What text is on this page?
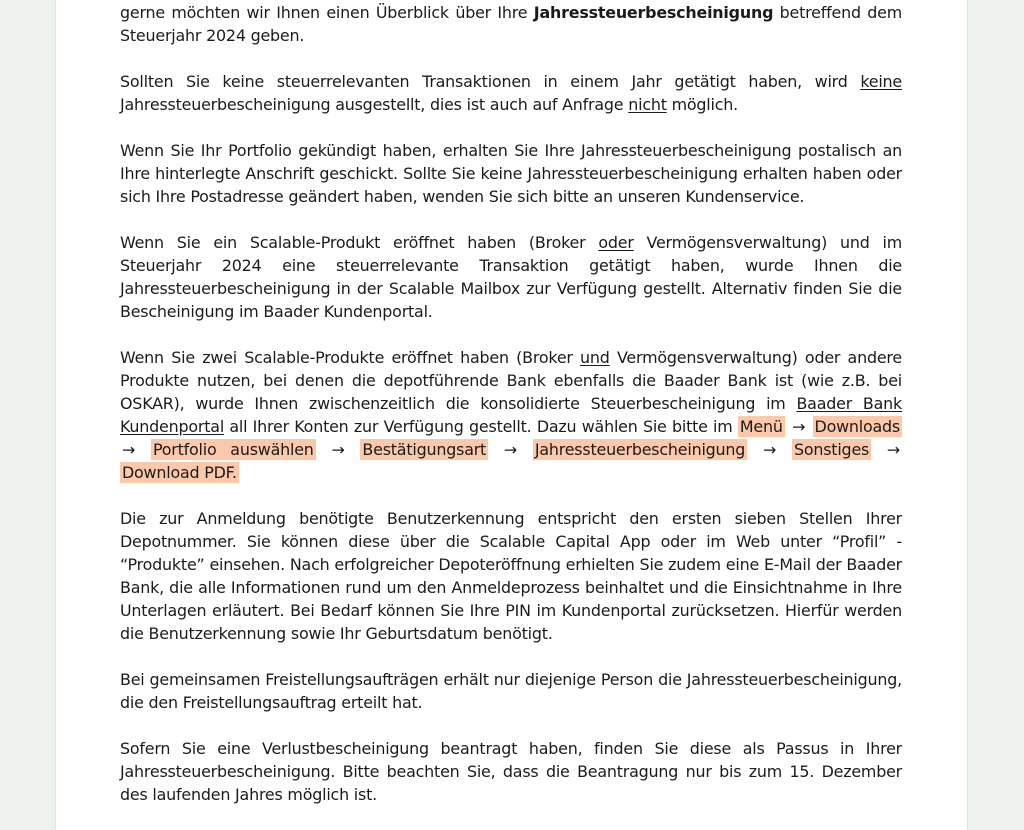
gerne möchten wir Ihnen einen Überblick über Ihre Jahressteuerbescheinigung betreffend dem Steuerjahr 2024 geben.

Sollten Sie keine steuerrelevanten Transaktionen in einem Jahr getätigt haben, wird keine Jahressteuerbescheinigung ausgestellt, dies ist auch auf Anfrage nicht möglich.

Wenn Sie Ihr Portfolio gekündigt haben, erhalten Sie Ihre Jahressteuerbescheinigung postalisch an Ihre hinterlegte Anschrift geschickt. Sollte Sie keine Jahressteuerbescheinigung erhalten haben oder sich Ihre Postadresse geändert haben, wenden Sie sich bitte an unseren Kundenservice.

Wenn Sie ein Scalable-Produkt eröffnet haben (Broker oder Vermögensverwaltung) und im Steuerjahr 2024 eine steuerrelevante Transaktion getätigt haben, wurde Ihnen die Jahressteuerbescheinigung in der Scalable Mailbox zur Verfügung gestellt. Alternativ finden Sie die Bescheinigung im Baader Kundenportal.

Wenn Sie zwei Scalable-Produkte eröffnet haben (Broker und Vermögensverwaltung) oder andere Produkte nutzen, bei denen die depotführende Bank ebenfalls die Baader Bank ist (wie z.B. bei OSKAR), wurde Ihnen zwischenzeitlich die konsolidierte Steuerbescheinigung im Baader Bank Kundenportal all Ihrer Konten zur Verfügung gestellt. Dazu wählen Sie bitte im Menü → Downloads → Portfolio auswählen → Bestätigungsart → Jahressteuerbescheinigung → Sonstiges → Download PDF.

Die zur Anmeldung benötigte Benutzerkennung entspricht den ersten sieben Stellen Ihrer Depotnummer. Sie können diese über die Scalable Capital App oder im Web unter “Profil” - “Produkte” einsehen. Nach erfolgreicher Depoteröffnung erhielten Sie zudem eine E-Mail der Baader Bank, die alle Informationen rund um den Anmeldeprozess beinhaltet und die Einsichtnahme in Ihre Unterlagen erläutert. Bei Bedarf können Sie Ihre PIN im Kundenportal zurücksetzen. Hierfür werden die Benutzerkennung sowie Ihr Geburtsdatum benötigt.

Bei gemeinsamen Freistellungsaufträgen erhält nur diejenige Person die Jahressteuerbescheinigung, die den Freistellungsauftrag erteilt hat.

Sofern Sie eine Verlustbescheinigung beantragt haben, finden Sie diese als Passus in Ihrer Jahressteuerbescheinigung. Bitte beachten Sie, dass die Beantragung nur bis zum 15. Dezember des laufenden Jahres möglich ist.
